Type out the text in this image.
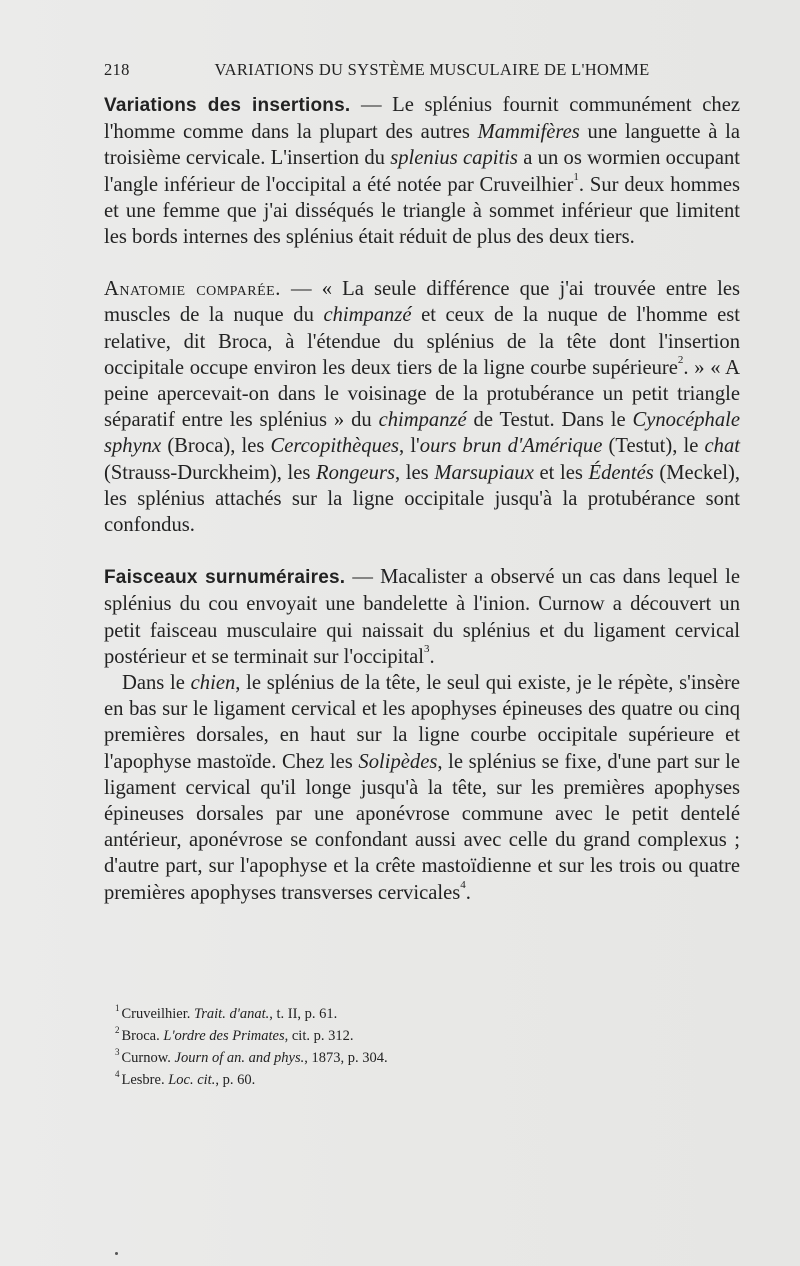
218	VARIATIONS DU SYSTÈME MUSCULAIRE DE L'HOMME

Variations des insertions. — Le splénius fournit communément chez l'homme comme dans la plupart des autres Mammifères une languette à la troisième cervicale. L'insertion du splenius capitis a un os wormien occupant l'angle inférieur de l'occipital a été notée par Cruveilhier$^1$. Sur deux hommes et une femme que j'ai disséqués le triangle à sommet inférieur que limitent les bords internes des splénius était réduit de plus des deux tiers.

Anatomie comparée. — « La seule différence que j'ai trouvée entre les muscles de la nuque du chimpanzé et ceux de la nuque de l'homme est relative, dit Broca, à l'étendue du splénius de la tête dont l'insertion occipitale occupe environ les deux tiers de la ligne courbe supérieure$^2$. » « A peine apercevait-on dans le voisinage de la protubérance un petit triangle séparatif entre les splénius » du chimpanzé de Testut. Dans le Cynocéphale sphynx (Broca), les Cercopithèques, l'ours brun d'Amérique (Testut), le chat (Strauss-Durckheim), les Rongeurs, les Marsupiaux et les Édentés (Meckel), les splénius attachés sur la ligne occipitale jusqu'à la protubérance sont confondus.

Faisceaux surnuméraires. — Macalister a observé un cas dans lequel le splénius du cou envoyait une bandelette à l'inion. Curnow a découvert un petit faisceau musculaire qui naissait du splénius et du ligament cervical postérieur et se terminait sur l'occipital$^3$.

Dans le chien, le splénius de la tête, le seul qui existe, je le répète, s'insère en bas sur le ligament cervical et les apophyses épineuses des quatre ou cinq premières dorsales, en haut sur la ligne courbe occipitale supérieure et l'apophyse mastoïde. Chez les Solipèdes, le splénius se fixe, d'une part sur le ligament cervical qu'il longe jusqu'à la tête, sur les premières apophyses épineuses dorsales par une aponévrose commune avec le petit dentelé antérieur, aponévrose se confondant aussi avec celle du grand complexus ; d'autre part, sur l'apophyse et la crête mastoïdienne et sur les trois ou quatre premières apophyses transverses cervicales$^4$.

$^1$ Cruveilhier. Trait. d'anat., t. II, p. 61.
$^2$ Broca. L'ordre des Primates, cit. p. 312.
$^3$ Curnow. Journ of an. and phys., 1873, p. 304.
$^4$ Lesbre. Loc. cit., p. 60.
